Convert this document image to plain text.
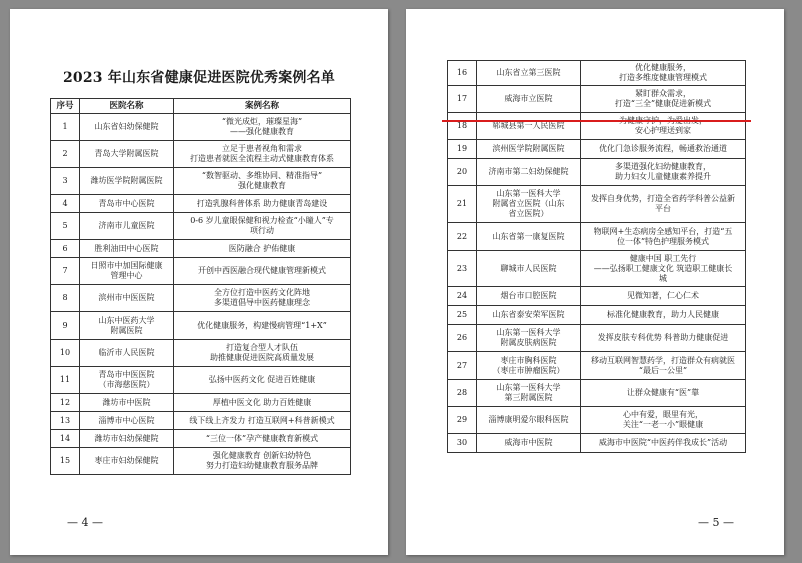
2023 年山东省健康促进医院优秀案例名单
序号	医院名称	案例名称
1	山东省妇幼保健院	“微光成炬，璀璨星海”
——强化健康教育
2	青岛大学附属医院	立足于患者视角和需求
打造患者就医全流程主动式健康教育体系
3	潍坊医学院附属医院	“数智驱动、多维协同、精准指导”
强化健康教育
4	青岛市中心医院	打造乳腺科普体系 助力健康青岛建设
5	济南市儿童医院	0-6 岁儿童眼保健和视力检查“小瞳人”专
项行动
6	胜利油田中心医院	医防融合 护佑健康
7	日照市中加国际健康
管理中心	开创中西医融合现代健康管理新模式
8	滨州市中医医院	全方位打造中医药文化阵地
多渠道倡导中医药健康理念
9	山东中医药大学
附属医院	优化健康服务，构建慢病管理“1+X”
10	临沂市人民医院	打造复合型人才队伍
助推健康促进医院高质量发展
11	青岛市中医医院
（市海慈医院）	弘扬中医药文化 促进百姓健康
12	潍坊市中医院	厚植中医文化 助力百姓健康
13	淄博市中心医院	线下线上齐发力 打造互联网+科普新模式
14	潍坊市妇幼保健院	“三位一体”孕产健康教育新模式
15	枣庄市妇幼保健院	强化健康教育 创新妇幼特色
努力打造妇幼健康教育服务品牌
— 4 —
16	山东省立第三医院	优化健康服务，
打造多维度健康管理模式
17	威海市立医院	紧盯群众需求，
打造“三全”健康促进新模式
18	郓城县第一人民医院	为健康守护，为爱出发，
安心护理送到家
19	滨州医学院附属医院	优化门急诊服务流程，畅通救治通道
20	济南市第二妇幼保健院	多渠道强化妇幼健康教育，
助力妇女儿童健康素养提升
21	山东第一医科大学
附属省立医院（山东
省立医院）	发挥自身优势，打造全省药学科普公益新
平台
22	山东省第一康复医院	物联网+生态病房全感知平台，打造“五
位一体”特色护理服务模式
23	聊城市人民医院	健康中国 职工先行
——弘扬职工健康文化 筑造职工健康长
城
24	烟台市口腔医院	见微知著，仁心仁术
25	山东省泰安荣军医院	标准化健康教育，助力人民健康
26	山东第一医科大学
附属皮肤病医院	发挥皮肤专科优势 科普助力健康促进
27	枣庄市胸科医院
（枣庄市肿瘤医院）	移动互联网智慧药学，打造群众有病就医
“最后一公里”
28	山东第一医科大学
第三附属医院	让群众健康有“医”靠
29	淄博康明爱尔眼科医院	心中有爱，眼里有光，
关注“一老一小”眼健康
30	威海市中医院	威海市中医院“中医药伴我成长”活动
— 5 —
